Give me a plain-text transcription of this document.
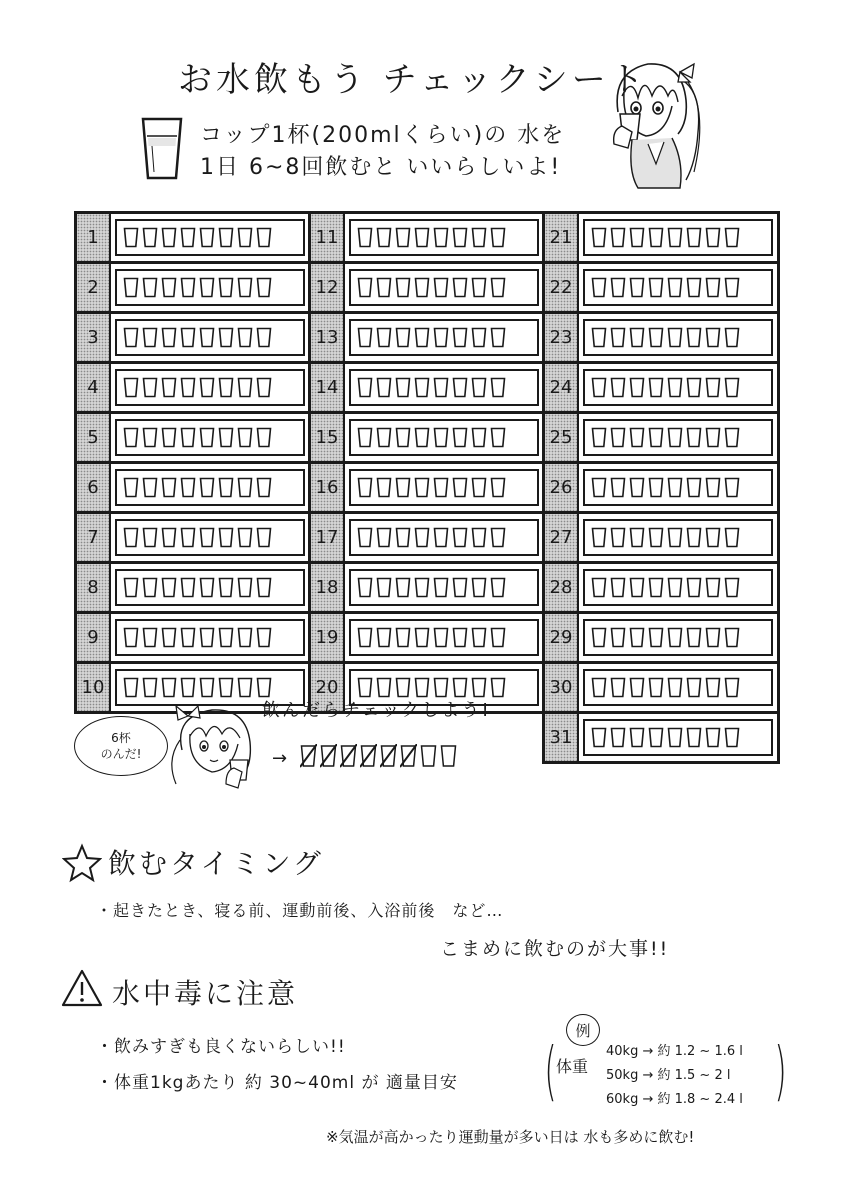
お水飲もう チェックシート
コップ1杯(200mlくらい)の 水を
1日 6~8回飲むと いいらしいよ!
1
2
3
4
5
6
7
8
9
10
11
12
13
14
15
16
17
18
19
20
21
22
23
24
25
26
27
28
29
30
31
6杯
のんだ!
飲んだらチェックしよう!
→
飲むタイミング
・起きたとき、寝る前、運動前後、入浴前後　など…
こまめに飲むのが大事!!
水中毒に注意
・飲みすぎも良くないらしい!!
・体重1kgあたり 約 30~40ml が 適量目安
例
(	)
体重
40kg → 約 1.2 ~ 1.6 l
50kg → 約 1.5 ~ 2 l
60kg → 約 1.8 ~ 2.4 l
※気温が高かったり運動量が多い日は 水も多めに飲む!
